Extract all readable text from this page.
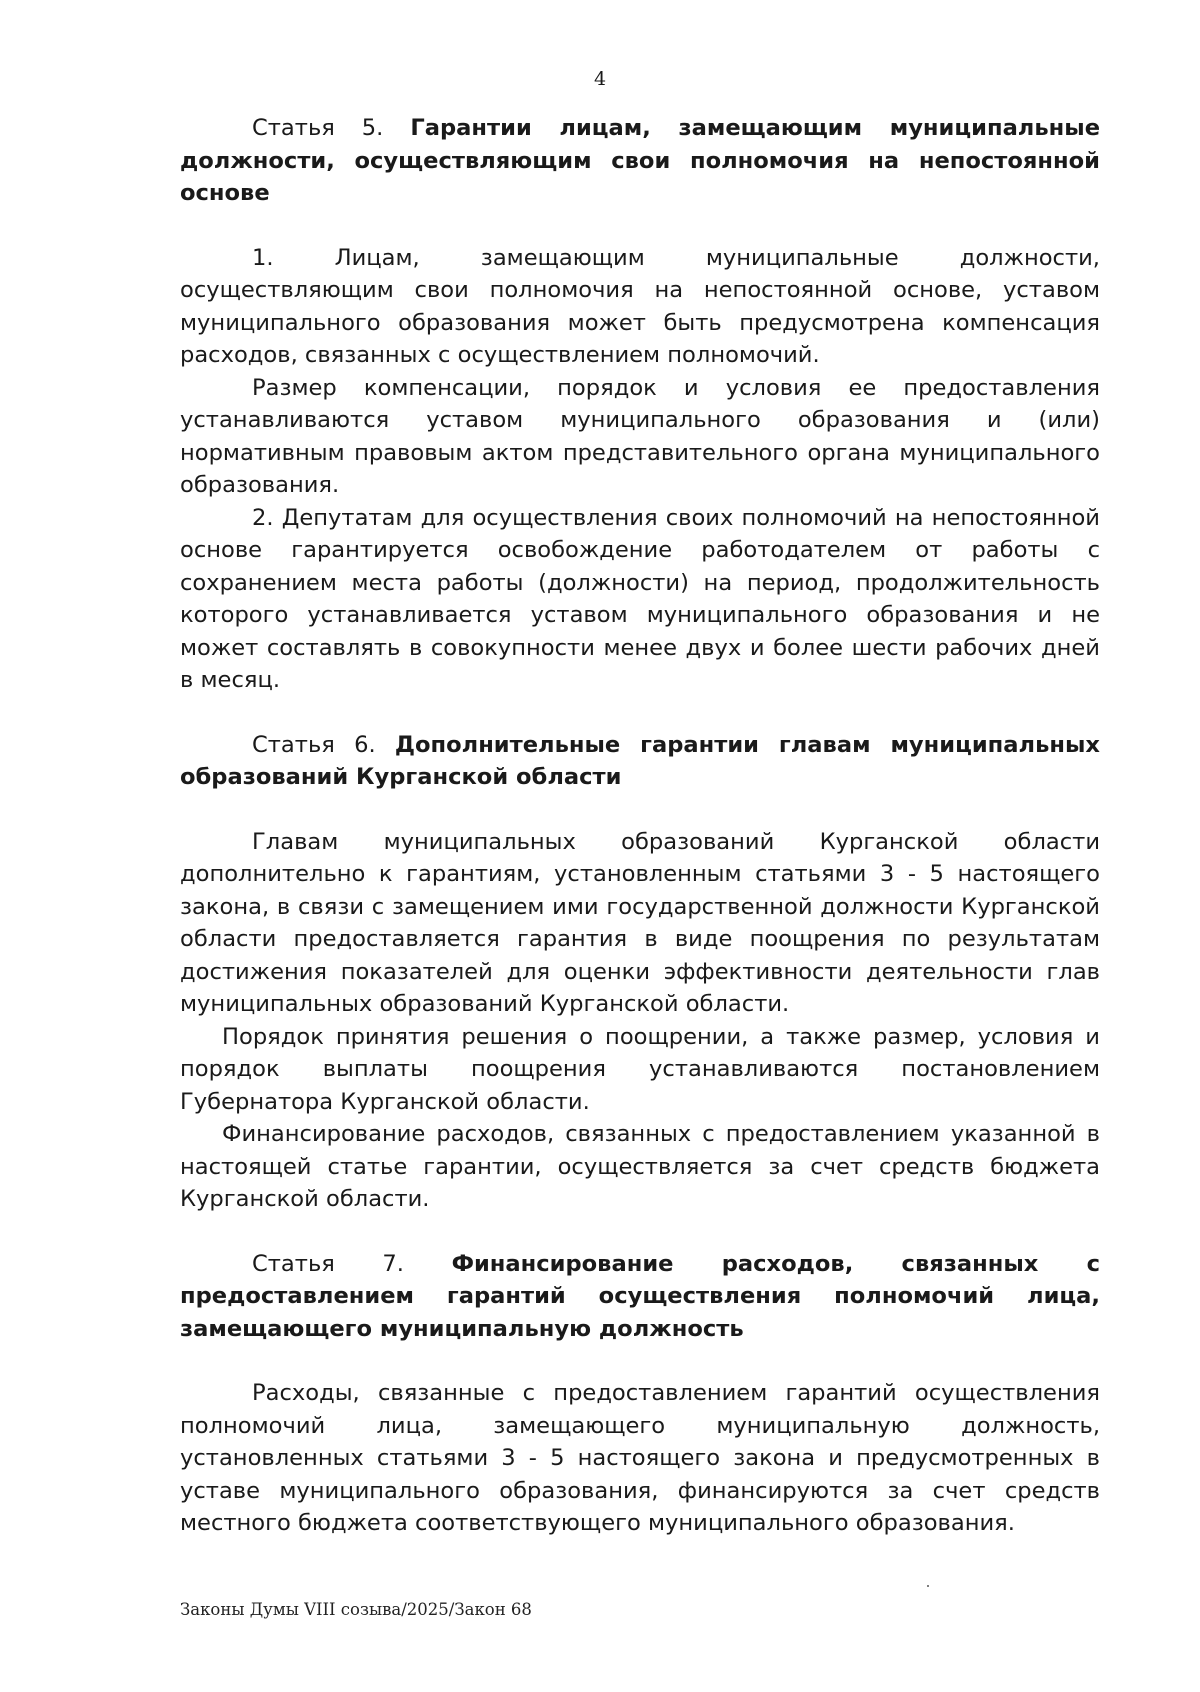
4

Статья 5. Гарантии лицам, замещающим муниципальные должности, осуществляющим свои полномочия на непостоянной основе

1. Лицам, замещающим муниципальные должности, осуществляющим свои полномочия на непостоянной основе, уставом муниципального образования может быть предусмотрена компенсация расходов, связанных с осуществлением полномочий.

Размер компенсации, порядок и условия ее предоставления устанавливаются уставом муниципального образования и (или) нормативным правовым актом представительного органа муниципального образования.

2. Депутатам для осуществления своих полномочий на непостоянной основе гарантируется освобождение работодателем от работы с сохранением места работы (должности) на период, продолжительность которого устанавливается уставом муниципального образования и не может составлять в совокупности менее двух и более шести рабочих дней в месяц.

Статья 6. Дополнительные гарантии главам муниципальных образований Курганской области

Главам муниципальных образований Курганской области дополнительно к гарантиям, установленным статьями 3 - 5 настоящего закона, в связи с замещением ими государственной должности Курганской области предоставляется гарантия в виде поощрения по результатам достижения показателей для оценки эффективности деятельности глав муниципальных образований Курганской области.

Порядок принятия решения о поощрении, а также размер, условия и порядок выплаты поощрения устанавливаются постановлением Губернатора Курганской области.

Финансирование расходов, связанных с предоставлением указанной в настоящей статье гарантии, осуществляется за счет средств бюджета Курганской области.

Статья 7. Финансирование расходов, связанных с предоставлением гарантий осуществления полномочий лица, замещающего муниципальную должность

Расходы, связанные с предоставлением гарантий осуществления полномочий лица, замещающего муниципальную должность, установленных статьями 3 - 5 настоящего закона и предусмотренных в уставе муниципального образования, финансируются за счет средств местного бюджета соответствующего муниципального образования.

Законы Думы VIII созыва/2025/Закон 68
